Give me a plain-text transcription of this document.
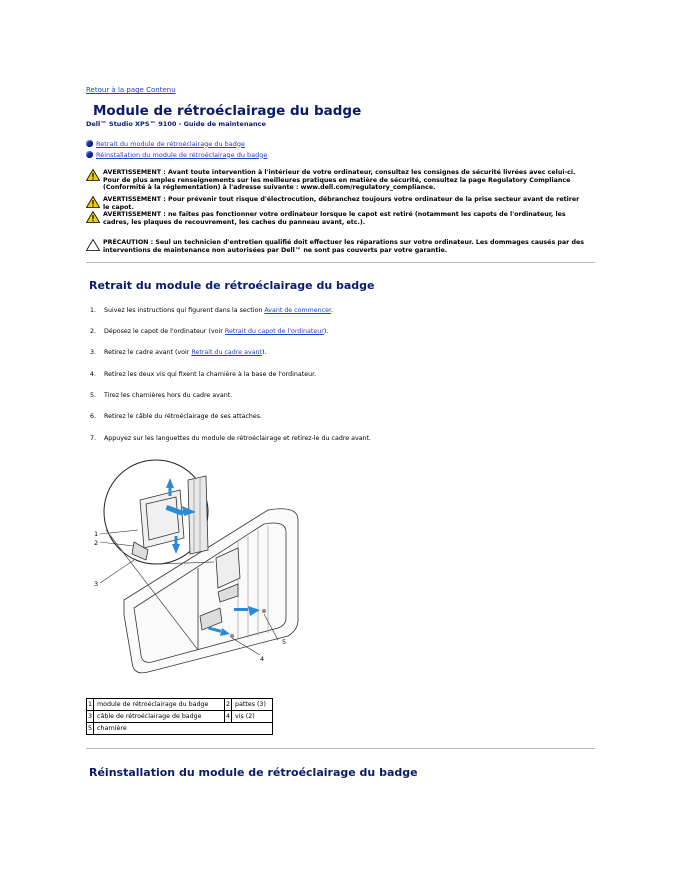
Retour à la page Contenu
Module de rétroéclairage du badge
Dell™ Studio XPS™ 9100 - Guide de maintenance
Retrait du module de rétroéclairage du badge
Réinstallation du module de rétroéclairage du badge
AVERTISSEMENT : Avant toute intervention à l'intérieur de votre ordinateur, consultez les consignes de sécurité livrées avec celui-ci. Pour de plus amples renseignements sur les meilleures pratiques en matière de sécurité, consultez la page Regulatory Compliance (Conformité à la réglementation) à l'adresse suivante : www.dell.com/regulatory_compliance.
AVERTISSEMENT : Pour prévenir tout risque d'électrocution, débranchez toujours votre ordinateur de la prise secteur avant de retirer le capot.
AVERTISSEMENT : ne faites pas fonctionner votre ordinateur lorsque le capot est retiré (notamment les capots de l'ordinateur, les cadres, les plaques de recouvrement, les caches du panneau avant, etc.).
PRÉCAUTION : Seul un technicien d'entretien qualifié doit effectuer les réparations sur votre ordinateur. Les dommages causés par des interventions de maintenance non autorisées par Dell™ ne sont pas couverts par votre garantie.
Retrait du module de rétroéclairage du badge
1. Suivez les instructions qui figurent dans la section Avant de commencer.
2. Déposez le capot de l'ordinateur (voir Retrait du capot de l'ordinateur).
3. Retirez le cadre avant (voir Retrait du cadre avant).
4. Retirez les deux vis qui fixent la charnière à la base de l'ordinateur.
5. Tirez les charnières hors du cadre avant.
6. Retirez le câble du rétroéclairage de ses attaches.
7. Appuyez sur les languettes du module de rétroéclairage et retirez-le du cadre avant.
1
2
3
4
5
1	module de rétroéclairage du badge	2	pattes (3)
3	câble de rétroéclairage de badge	4	vis (2)
5	charnière		
Réinstallation du module de rétroéclairage du badge
